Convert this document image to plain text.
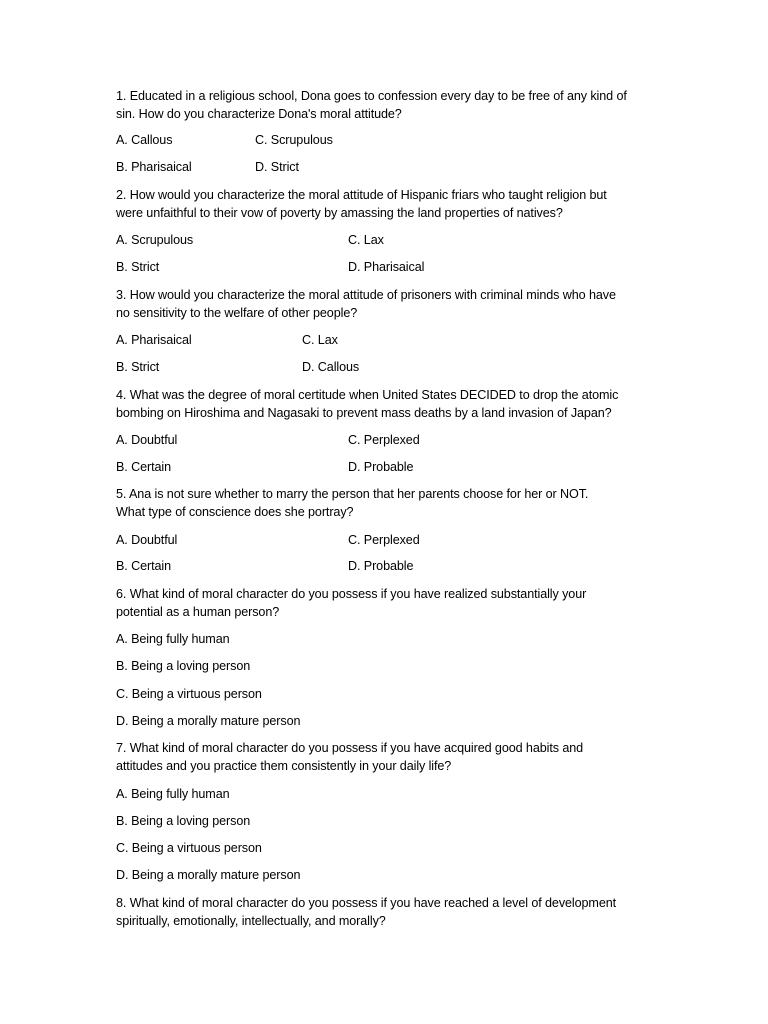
1. Educated in a religious school, Dona goes to confession every day to be free of any kind of
sin. How do you characterize Dona's moral attitude?
A. Callous	C. Scrupulous
B. Pharisaical	D. Strict
2. How would you characterize the moral attitude of Hispanic friars who taught religion but
were unfaithful to their vow of poverty by amassing the land properties of natives?
A. Scrupulous	C. Lax
B. Strict	D. Pharisaical
3. How would you characterize the moral attitude of prisoners with criminal minds who have
no sensitivity to the welfare of other people?
A. Pharisaical	C. Lax
B. Strict	D. Callous
4. What was the degree of moral certitude when United States DECIDED to drop the atomic
bombing on Hiroshima and Nagasaki to prevent mass deaths by a land invasion of Japan?
A. Doubtful	C. Perplexed
B. Certain	D. Probable
5. Ana is not sure whether to marry the person that her parents choose for her or NOT.
What type of conscience does she portray?
A. Doubtful	C. Perplexed
B. Certain	D. Probable
6. What kind of moral character do you possess if you have realized substantially your
potential as a human person?
A. Being fully human
B. Being a loving person
C. Being a virtuous person
D. Being a morally mature person
7. What kind of moral character do you possess if you have acquired good habits and
attitudes and you practice them consistently in your daily life?
A. Being fully human
B. Being a loving person
C. Being a virtuous person
D. Being a morally mature person
8. What kind of moral character do you possess if you have reached a level of development
spiritually, emotionally, intellectually, and morally?
